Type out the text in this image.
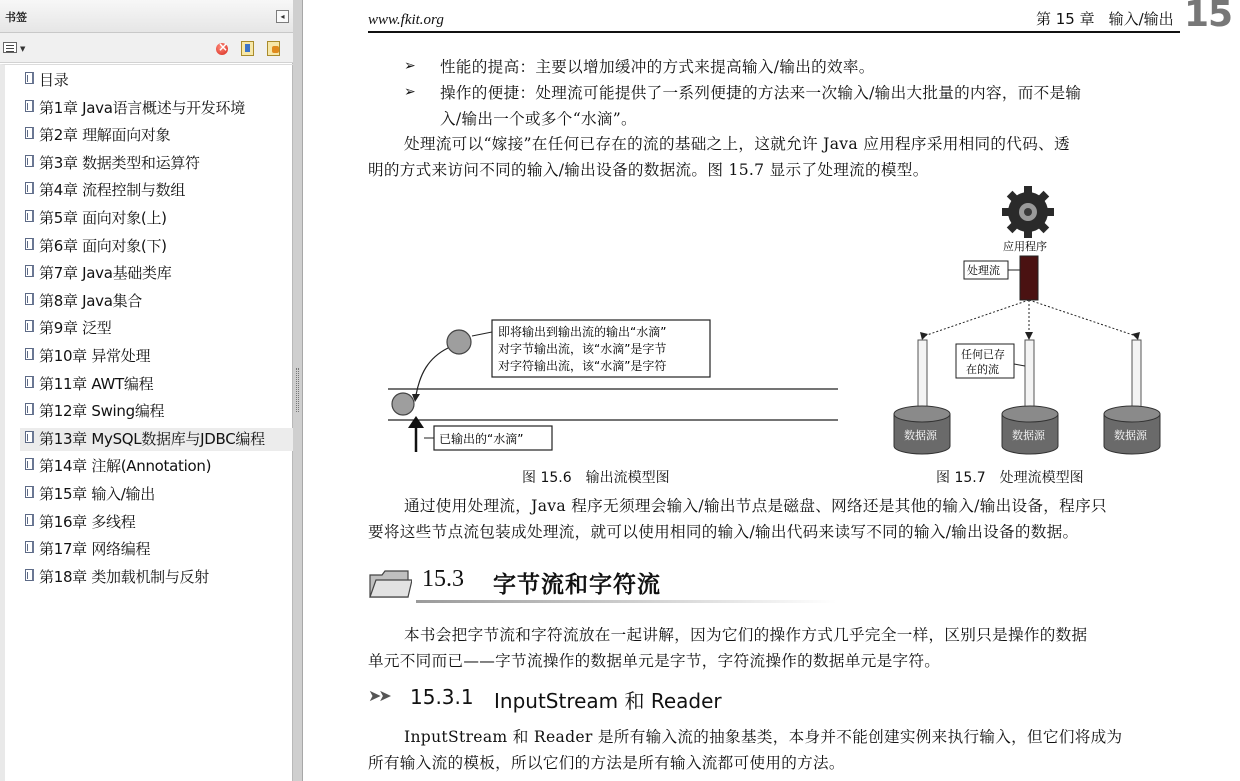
书签	◂
▼
×
目录
第1章 Java语言概述与开发环境
第2章 理解面向对象
第3章 数据类型和运算符
第4章 流程控制与数组
第5章 面向对象(上)
第6章 面向对象(下)
第7章 Java基础类库
第8章 Java集合
第9章 泛型
第10章 异常处理
第11章 AWT编程
第12章 Swing编程
第13章 MySQL数据库与JDBC编程
第14章 注解(Annotation)
第15章 输入/输出
第16章 多线程
第17章 网络编程
第18章 类加载机制与反射
www.fkit.org	第 15 章 输入/输出 15
➢ 性能的提高：主要以增加缓冲的方式来提高输入/输出的效率。
➢ 操作的便捷：处理流可能提供了一系列便捷的方法来一次输入/输出大批量的内容，而不是输
入/输出一个或多个“水滴”。
处理流可以“嫁接”在任何已存在的流的基础之上，这就允许 Java 应用程序采用相同的代码、透
明的方式来访问不同的输入/输出设备的数据流。图 15.7 显示了处理流的模型。
即将输出到输出流的输出“水滴”
对字节输出流，该“水滴”是字节
对字符输出流，该“水滴”是字符
已输出的“水滴”
图 15.6　输出流模型图
应用程序
处理流
任何已存
在的流
数据源	数据源	数据源
图 15.7　处理流模型图
通过使用处理流，Java 程序无须理会输入/输出节点是磁盘、网络还是其他的输入/输出设备，程序只
要将这些节点流包装成处理流，就可以使用相同的输入/输出代码来读写不同的输入/输出设备的数据。
15.3 字节流和字符流
本书会把字节流和字符流放在一起讲解，因为它们的操作方式几乎完全一样，区别只是操作的数据
单元不同而已——字节流操作的数据单元是字节，字符流操作的数据单元是字符。
➤➤ 15.3.1 InputStream 和 Reader
InputStream 和 Reader 是所有输入流的抽象基类，本身并不能创建实例来执行输入，但它们将成为
所有输入流的模板，所以它们的方法是所有输入流都可使用的方法。
